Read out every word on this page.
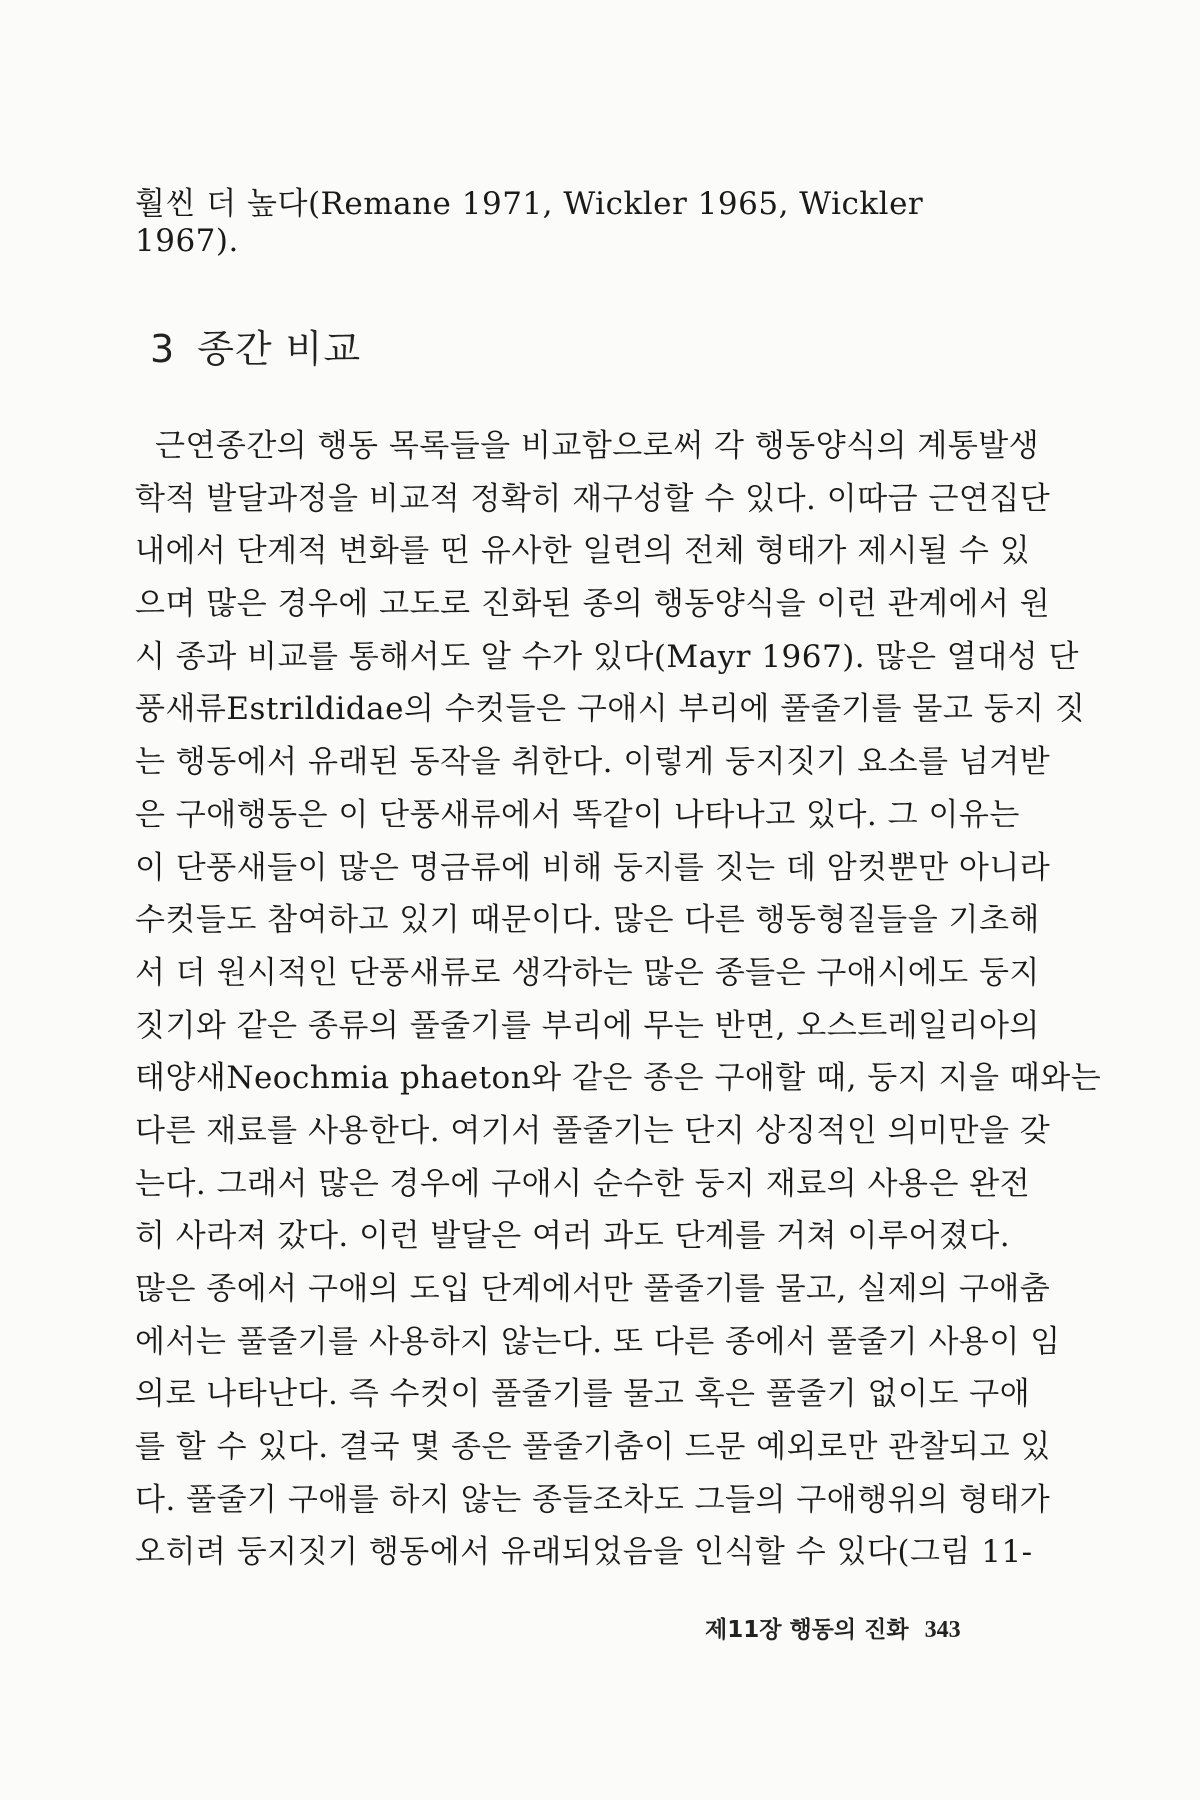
훨씬 더 높다(Remane 1971, Wickler 1965, Wickler 1967).
3 종간 비교
근연종간의 행동 목록들을 비교함으로써 각 행동양식의 계통발생
학적 발달과정을 비교적 정확히 재구성할 수 있다. 이따금 근연집단
내에서 단계적 변화를 띤 유사한 일련의 전체 형태가 제시될 수 있
으며 많은 경우에 고도로 진화된 종의 행동양식을 이런 관계에서 원
시 종과 비교를 통해서도 알 수가 있다(Mayr 1967). 많은 열대성 단
풍새류Estrildidae의 수컷들은 구애시 부리에 풀줄기를 물고 둥지 짓
는 행동에서 유래된 동작을 취한다. 이렇게 둥지짓기 요소를 넘겨받
은 구애행동은 이 단풍새류에서 똑같이 나타나고 있다. 그 이유는
이 단풍새들이 많은 명금류에 비해 둥지를 짓는 데 암컷뿐만 아니라
수컷들도 참여하고 있기 때문이다. 많은 다른 행동형질들을 기초해
서 더 원시적인 단풍새류로 생각하는 많은 종들은 구애시에도 둥지
짓기와 같은 종류의 풀줄기를 부리에 무는 반면, 오스트레일리아의
태양새Neochmia phaeton와 같은 종은 구애할 때, 둥지 지을 때와는
다른 재료를 사용한다. 여기서 풀줄기는 단지 상징적인 의미만을 갖
는다. 그래서 많은 경우에 구애시 순수한 둥지 재료의 사용은 완전
히 사라져 갔다. 이런 발달은 여러 과도 단계를 거쳐 이루어졌다.
많은 종에서 구애의 도입 단계에서만 풀줄기를 물고, 실제의 구애춤
에서는 풀줄기를 사용하지 않는다. 또 다른 종에서 풀줄기 사용이 임
의로 나타난다. 즉 수컷이 풀줄기를 물고 혹은 풀줄기 없이도 구애
를 할 수 있다. 결국 몇 종은 풀줄기춤이 드문 예외로만 관찰되고 있
다. 풀줄기 구애를 하지 않는 종들조차도 그들의 구애행위의 형태가
오히려 둥지짓기 행동에서 유래되었음을 인식할 수 있다(그림 11-
제11장 행동의 진화 343
